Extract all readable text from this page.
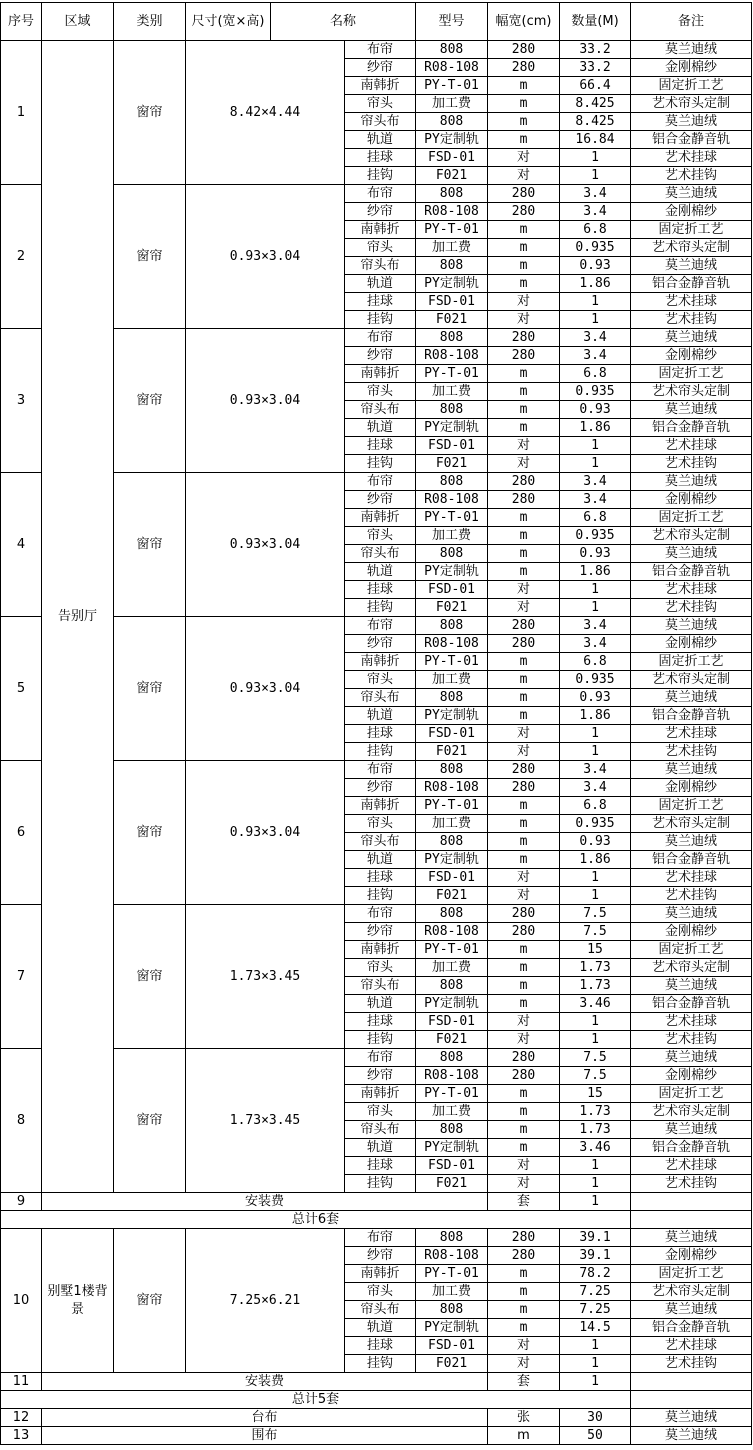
序号	区域	类别	尺寸(宽×高)	名称		型号	幅宽(cm)	数量(M)	备注
1	告别厅	窗帘	8.42×4.44		布帘	808	280	33.2	莫兰迪绒
					纱帘	R08-108	280	33.2	金刚棉纱
					南韩折	PY-T-01	m	66.4	固定折工艺
					帘头	加工费	m	8.425	艺术帘头定制
					帘头布	808	m	8.425	莫兰迪绒
					轨道	PY定制轨	m	16.84	铝合金静音轨
					挂球	FSD-01	对	1	艺术挂球
					挂钩	F021	对	1	艺术挂钩
2		窗帘	0.93×3.04		布帘	808	280	3.4	莫兰迪绒
					纱帘	R08-108	280	3.4	金刚棉纱
					南韩折	PY-T-01	m	6.8	固定折工艺
					帘头	加工费	m	0.935	艺术帘头定制
					帘头布	808	m	0.93	莫兰迪绒
					轨道	PY定制轨	m	1.86	铝合金静音轨
					挂球	FSD-01	对	1	艺术挂球
					挂钩	F021	对	1	艺术挂钩
3		窗帘	0.93×3.04		布帘	808	280	3.4	莫兰迪绒
					纱帘	R08-108	280	3.4	金刚棉纱
					南韩折	PY-T-01	m	6.8	固定折工艺
					帘头	加工费	m	0.935	艺术帘头定制
					帘头布	808	m	0.93	莫兰迪绒
					轨道	PY定制轨	m	1.86	铝合金静音轨
					挂球	FSD-01	对	1	艺术挂球
					挂钩	F021	对	1	艺术挂钩
4		窗帘	0.93×3.04		布帘	808	280	3.4	莫兰迪绒
					纱帘	R08-108	280	3.4	金刚棉纱
					南韩折	PY-T-01	m	6.8	固定折工艺
					帘头	加工费	m	0.935	艺术帘头定制
					帘头布	808	m	0.93	莫兰迪绒
					轨道	PY定制轨	m	1.86	铝合金静音轨
					挂球	FSD-01	对	1	艺术挂球
					挂钩	F021	对	1	艺术挂钩
5		窗帘	0.93×3.04		布帘	808	280	3.4	莫兰迪绒
					纱帘	R08-108	280	3.4	金刚棉纱
					南韩折	PY-T-01	m	6.8	固定折工艺
					帘头	加工费	m	0.935	艺术帘头定制
					帘头布	808	m	0.93	莫兰迪绒
					轨道	PY定制轨	m	1.86	铝合金静音轨
					挂球	FSD-01	对	1	艺术挂球
					挂钩	F021	对	1	艺术挂钩
6		窗帘	0.93×3.04		布帘	808	280	3.4	莫兰迪绒
					纱帘	R08-108	280	3.4	金刚棉纱
					南韩折	PY-T-01	m	6.8	固定折工艺
					帘头	加工费	m	0.935	艺术帘头定制
					帘头布	808	m	0.93	莫兰迪绒
					轨道	PY定制轨	m	1.86	铝合金静音轨
					挂球	FSD-01	对	1	艺术挂球
					挂钩	F021	对	1	艺术挂钩
7		窗帘	1.73×3.45		布帘	808	280	7.5	莫兰迪绒
					纱帘	R08-108	280	7.5	金刚棉纱
					南韩折	PY-T-01	m	15	固定折工艺
					帘头	加工费	m	1.73	艺术帘头定制
					帘头布	808	m	1.73	莫兰迪绒
					轨道	PY定制轨	m	3.46	铝合金静音轨
					挂球	FSD-01	对	1	艺术挂球
					挂钩	F021	对	1	艺术挂钩
8		窗帘	1.73×3.45		布帘	808	280	7.5	莫兰迪绒
					纱帘	R08-108	280	7.5	金刚棉纱
					南韩折	PY-T-01	m	15	固定折工艺
					帘头	加工费	m	1.73	艺术帘头定制
					帘头布	808	m	1.73	莫兰迪绒
					轨道	PY定制轨	m	3.46	铝合金静音轨
					挂球	FSD-01	对	1	艺术挂球
					挂钩	F021	对	1	艺术挂钩
9	安装费						套	1	
总计6套									
10	别墅1楼背景	窗帘	7.25×6.21		布帘	808	280	39.1	莫兰迪绒
					纱帘	R08-108	280	39.1	金刚棉纱
					南韩折	PY-T-01	m	78.2	固定折工艺
					帘头	加工费	m	7.25	艺术帘头定制
					帘头布	808	m	7.25	莫兰迪绒
					轨道	PY定制轨	m	14.5	铝合金静音轨
					挂球	FSD-01	对	1	艺术挂球
					挂钩	F021	对	1	艺术挂钩
11	安装费						套	1	
总计5套									
12	台布						张	30	莫兰迪绒
13	围布						m	50	莫兰迪绒
